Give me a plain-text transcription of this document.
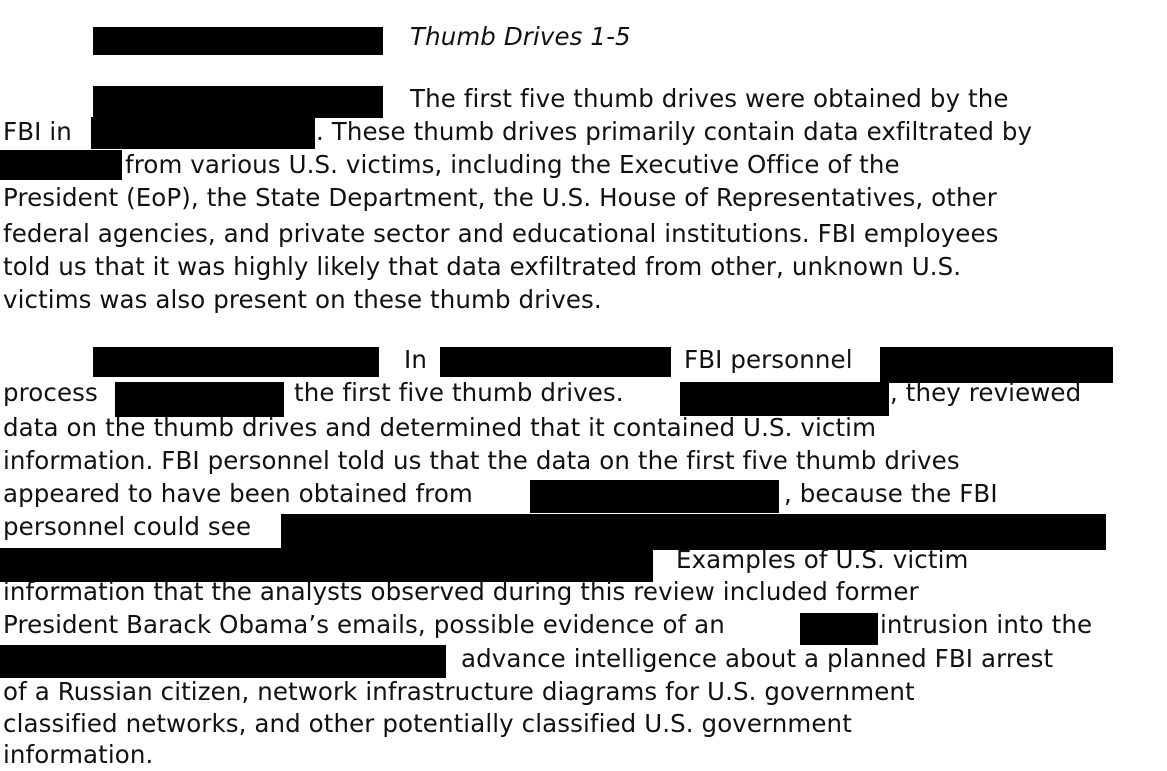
Thumb Drives 1-5
The first five thumb drives were obtained by the
FBI in	. These thumb drives primarily contain data exfiltrated by
from various U.S. victims, including the Executive Office of the
President (EoP), the State Department, the U.S. House of Representatives, other
federal agencies, and private sector and educational institutions. FBI employees
told us that it was highly likely that data exfiltrated from other, unknown U.S.
victims was also present on these thumb drives.
In	FBI personnel
process	the first five thumb drives.	, they reviewed
data on the thumb drives and determined that it contained U.S. victim
information. FBI personnel told us that the data on the first five thumb drives
appeared to have been obtained from	, because the FBI
personnel could see
Examples of U.S. victim
information that the analysts observed during this review included former
President Barack Obama’s emails, possible evidence of an	intrusion into the
advance intelligence about a planned FBI arrest
of a Russian citizen, network infrastructure diagrams for U.S. government
classified networks, and other potentially classified U.S. government
information.
